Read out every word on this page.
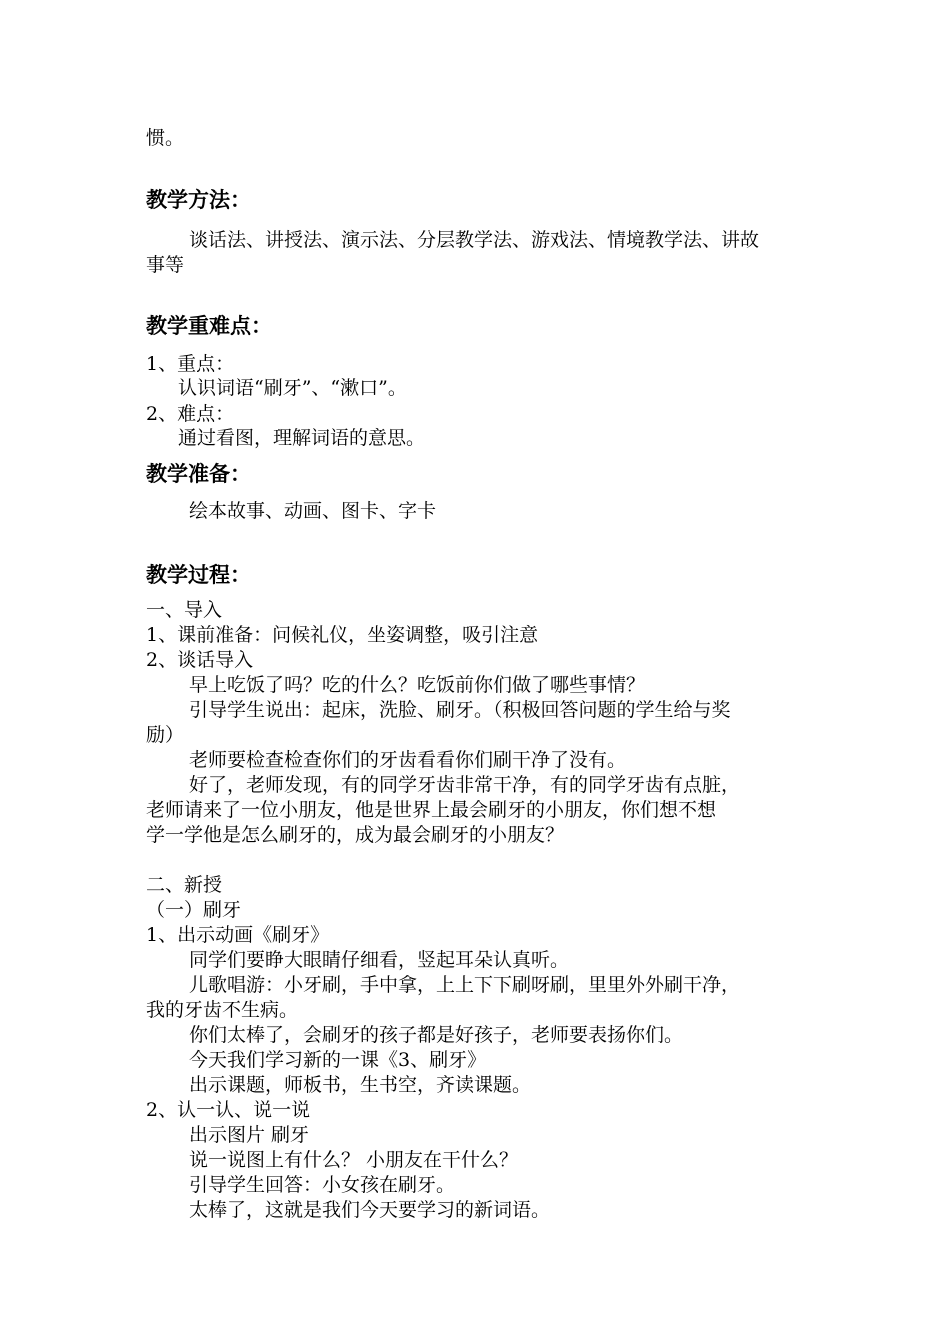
惯。
教学方法：
谈话法、讲授法、演示法、分层教学法、游戏法、情境教学法、讲故
事等
教学重难点：
1、重点：
认识词语“刷牙”、“漱口”。
2、难点：
通过看图，理解词语的意思。
教学准备：
绘本故事、动画、图卡、字卡
教学过程：
一、导入
1、课前准备：问候礼仪，坐姿调整，吸引注意
2、谈话导入
早上吃饭了吗？吃的什么？吃饭前你们做了哪些事情？
引导学生说出：起床，洗脸、刷牙。（积极回答问题的学生给与奖
励）
老师要检查检查你们的牙齿看看你们刷干净了没有。
好了，老师发现，有的同学牙齿非常干净，有的同学牙齿有点脏，
老师请来了一位小朋友，他是世界上最会刷牙的小朋友，你们想不想
学一学他是怎么刷牙的，成为最会刷牙的小朋友？
二、新授
（一）刷牙
1、出示动画《刷牙》
同学们要睁大眼睛仔细看，竖起耳朵认真听。
儿歌唱游：小牙刷，手中拿，上上下下刷呀刷，里里外外刷干净，
我的牙齿不生病。
你们太棒了，会刷牙的孩子都是好孩子，老师要表扬你们。
今天我们学习新的一课《3、刷牙》
出示课题，师板书，生书空，齐读课题。
2、认一认、说一说
出示图片 刷牙
说一说图上有什么？ 小朋友在干什么？
引导学生回答：小女孩在刷牙。
太棒了，这就是我们今天要学习的新词语。
